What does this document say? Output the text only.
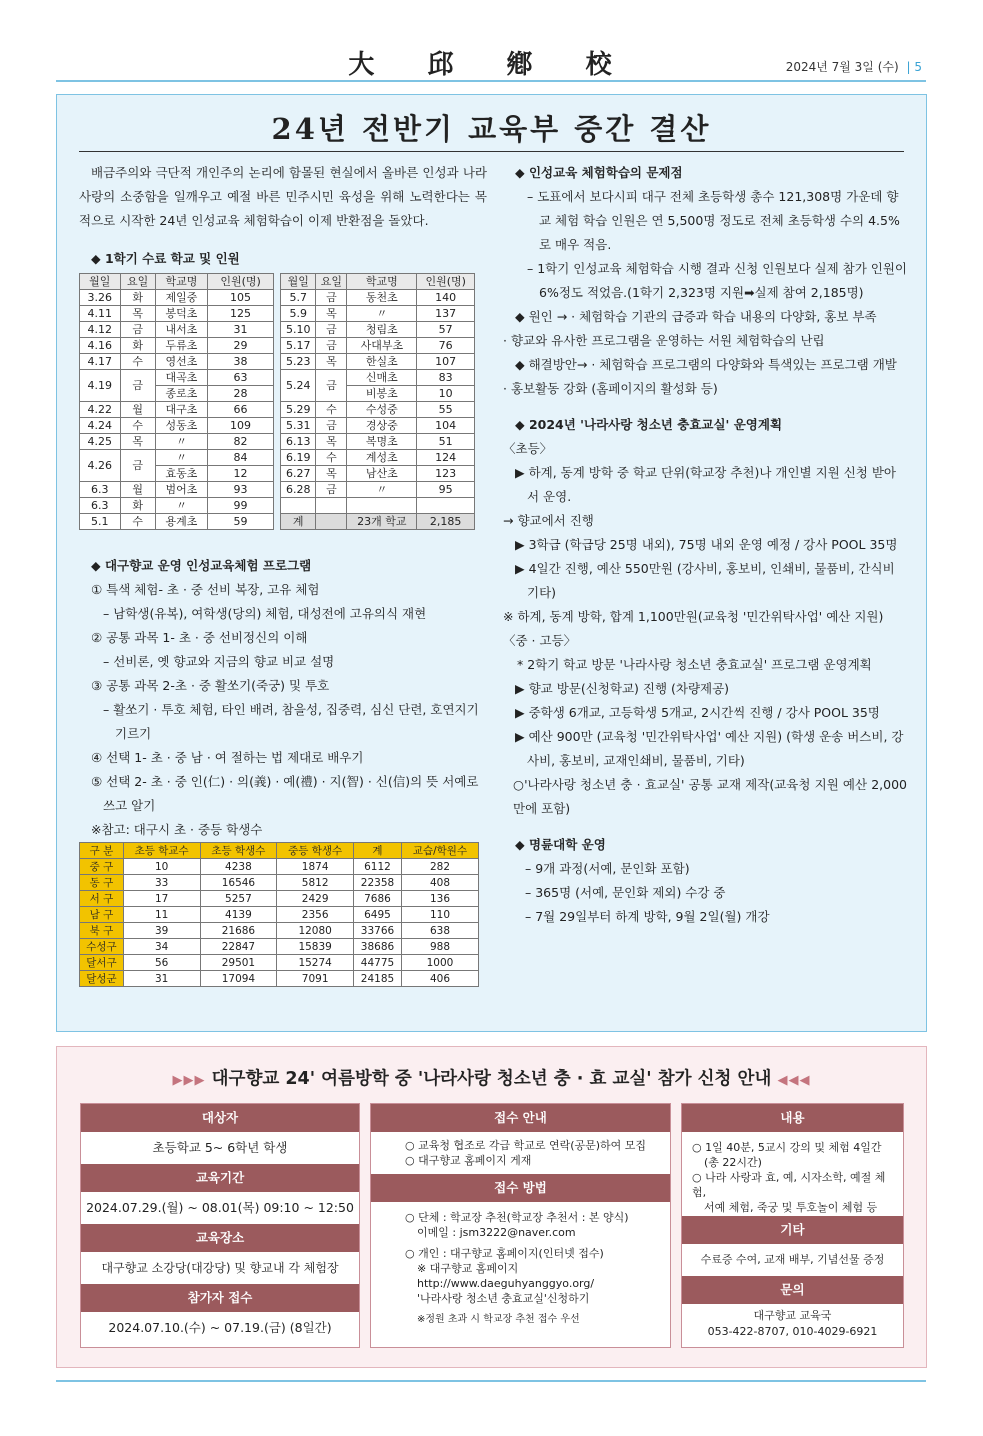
大 邱 鄕 校	2024년 7월 3일 (수) | 5
24년 전반기 교육부 중간 결산
배금주의와 극단적 개인주의 논리에 함몰된 현실에서 올바른 인성과 나라사랑의 소중함을 일깨우고 예절 바른 민주시민 육성을 위해 노력한다는 목적으로 시작한 24년 인성교육 체험학습이 이제 반환점을 돌았다.
◆ 1학기 수료 학교 및 인원
월일	요일	학교명	인원(명)
3.26	화	제일중	105
4.11	목	봉덕초	125
4.12	금	내서초	31
4.16	화	두류초	29
4.17	수	영선초	38
4.19	금	대곡초	63
		종로초	28
4.22	월	대구초	66
4.24	수	성동초	109
4.25	목	〃	82
4.26	금	〃	84
		효동초	12
6.3	월	범어초	93
6.3	화	〃	99
5.1	수	용계초	59
월일	요일	학교명	인원(명)
5.7	금	동천초	140
5.9	목	〃	137
5.10	금	청림초	57
5.17	금	사대부초	76
5.23	목	한실초	107
5.24	금	신매초	83
		비봉초	10
5.29	수	수성중	55
5.31	금	경상중	104
6.13	목	복명초	51
6.19	수	계성초	124
6.27	목	남산초	123
6.28	금	〃	95

계		23개 학교	2,185
◆ 대구향교 운영 인성교육체험 프로그램
① 특색 체험- 초 · 중 선비 복장, 고유 체험
– 남학생(유복), 여학생(당의) 체험, 대성전에 고유의식 재현
② 공통 과목 1- 초 · 중 선비정신의 이해
– 선비론, 옛 향교와 지금의 향교 비교 설명
③ 공통 과목 2-초 · 중 활쏘기(죽궁) 및 투호
– 활쏘기 · 투호 체험, 타인 배려, 참을성, 집중력, 심신 단련, 호연지기 기르기
④ 선택 1- 초 · 중 남 · 여 절하는 법 제대로 배우기
⑤ 선택 2- 초 · 중 인(仁) · 의(義) · 예(禮) · 지(智) · 신(信)의 뜻 서예로 쓰고 알기
※참고: 대구시 초 · 중등 학생수
구 분	초등 학교수	초등 학생수	중등 학생수	계	교습/학원수
중 구	10	4238	1874	6112	282
동 구	33	16546	5812	22358	408
서 구	17	5257	2429	7686	136
남 구	11	4139	2356	6495	110
북 구	39	21686	12080	33766	638
수성구	34	22847	15839	38686	988
달서구	56	29501	15274	44775	1000
달성군	31	17094	7091	24185	406
◆ 인성교육 체험학습의 문제점
– 도표에서 보다시피 대구 전체 초등학생 총수 121,308명 가운데 향교 체험 학습 인원은 연 5,500명 정도로 전체 초등학생 수의 4.5%로 매우 적음.
– 1학기 인성교육 체험학습 시행 결과 신청 인원보다 실제 참가 인원이 6%정도 적었음.(1학기 2,323명 지원➡실제 참여 2,185명)
◆ 원인 → · 체험학습 기관의 급증과 학습 내용의 다양화, 홍보 부족
· 향교와 유사한 프로그램을 운영하는 서원 체험학습의 난립
◆ 해결방안→ · 체험학습 프로그램의 다양화와 특색있는 프로그램 개발
· 홍보활동 강화 (홈페이지의 활성화 등)
◆ 2024년 '나라사랑 청소년 충효교실' 운영계획
〈초등〉
▶ 하계, 동계 방학 중 학교 단위(학교장 추천)나 개인별 지원 신청 받아서 운영.
→ 향교에서 진행
▶ 3학급 (학급당 25명 내외), 75명 내외 운영 예정 / 강사 POOL 35명
▶ 4일간 진행, 예산 550만원 (강사비, 홍보비, 인쇄비, 물품비, 간식비 기타)
※ 하계, 동계 방학, 합계 1,100만원(교육청 '민간위탁사업' 예산 지원)
〈중 · 고등〉
* 2학기 학교 방문 '나라사랑 청소년 충효교실' 프로그램 운영계획
▶ 향교 방문(신청학교) 진행 (차량제공)
▶ 중학생 6개교, 고등학생 5개교, 2시간씩 진행 / 강사 POOL 35명
▶ 예산 900만 (교육청 '민간위탁사업' 예산 지원) (학생 운송 버스비, 강사비, 홍보비, 교재인쇄비, 물품비, 기타)
○'나라사랑 청소년 충 · 효교실' 공통 교재 제작(교육청 지원 예산 2,000만에 포함)
◆ 명륜대학 운영
– 9개 과정(서예, 문인화 포함)
– 365명 (서예, 문인화 제외) 수강 중
– 7월 29일부터 하계 방학, 9월 2일(월) 개강
▶▶▶ 대구향교 24' 여름방학 중 '나라사랑 청소년 충 · 효 교실' 참가 신청 안내 ◀◀◀
대상자
초등학교 5~ 6학년 학생
교육기간
2024.07.29.(월) ~ 08.01(목) 09:10 ~ 12:50
교육장소
대구향교 소강당(대강당) 및 향교내 각 체험장
참가자 접수
2024.07.10.(수) ~ 07.19.(금) (8일간)
접수 안내
○ 교육청 협조로 각급 학교로 연락(공문)하여 모집
○ 대구향교 홈페이지 게재
접수 방법
○ 단체 : 학교장 추천(학교장 추천서 : 본 양식)
이메일 : jsm3222@naver.com
○ 개인 : 대구향교 홈페이지(인터넷 접수)
※ 대구향교 홈페이지
http://www.daeguhyanggyo.org/
'나라사랑 청소년 충효교실'신청하기
※정원 초과 시 학교장 추천 접수 우선
내용
○ 1일 40분, 5교시 강의 및 체험 4일간
(총 22시간)
○ 나라 사랑과 효, 예, 시자소학, 예절 체험,
서예 체험, 죽궁 및 투호놀이 체험 등
기타
수료증 수여, 교재 배부, 기념선물 증정
문의
대구향교 교육국
053-422-8707, 010-4029-6921
